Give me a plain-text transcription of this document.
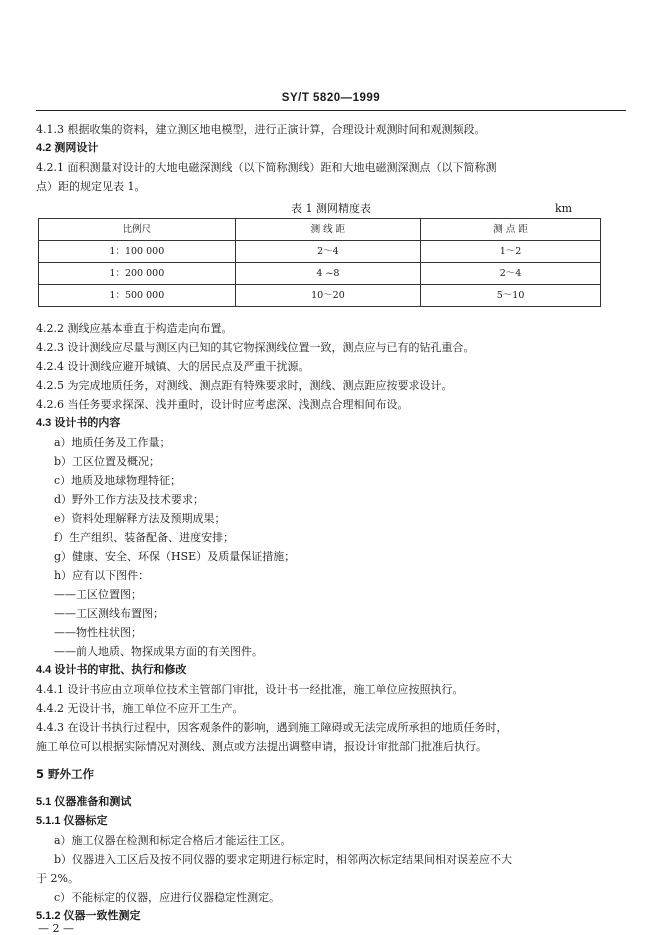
SY/T 5820—1999
4.1.3 根据收集的资料，建立测区地电模型，进行正演计算，合理设计观测时间和观测频段。
4.2 测网设计
4.2.1 面积测量对设计的大地电磁深测线（以下简称测线）距和大地电磁测深测点（以下简称测
点）距的规定见表 1。
表 1 测网精度表	km
比例尺	测 线 距	测 点 距
1：100 000	2～4	1～2
1：200 000	4 ~8	2～4
1：500 000	10～20	5～10
4.2.2 测线应基本垂直于构造走向布置。
4.2.3 设计测线应尽量与测区内已知的其它物探测线位置一致，测点应与已有的钻孔重合。
4.2.4 设计测线应避开城镇、大的居民点及严重干扰源。
4.2.5 为完成地质任务，对测线、测点距有特殊要求时，测线、测点距应按要求设计。
4.2.6 当任务要求探深、浅并重时，设计时应考虑深、浅测点合理相间布设。
4.3 设计书的内容
a）地质任务及工作量；
b）工区位置及概况；
c）地质及地球物理特征；
d）野外工作方法及技术要求；
e）资料处理解释方法及预期成果；
f）生产组织、装备配备、进度安排；
g）健康、安全、环保（HSE）及质量保证措施；
h）应有以下图件：
——工区位置图；
——工区测线布置图；
——物性柱状图；
——前人地质、物探成果方面的有关图件。
4.4 设计书的审批、执行和修改
4.4.1 设计书应由立项单位技术主管部门审批，设计书一经批准，施工单位应按照执行。
4.4.2 无设计书，施工单位不应开工生产。
4.4.3 在设计书执行过程中，因客观条件的影响，遇到施工障碍或无法完成所承担的地质任务时，
施工单位可以根据实际情况对测线、测点或方法提出调整申请，报设计审批部门批准后执行。
5 野外工作
5.1 仪器准备和测试
5.1.1 仪器标定
a）施工仪器在检测和标定合格后才能运往工区。
b）仪器进入工区后及按不同仪器的要求定期进行标定时，相邻两次标定结果间相对误差应不大
于 2%。
c）不能标定的仪器，应进行仪器稳定性测定。
5.1.2 仪器一致性测定
— 2 —
